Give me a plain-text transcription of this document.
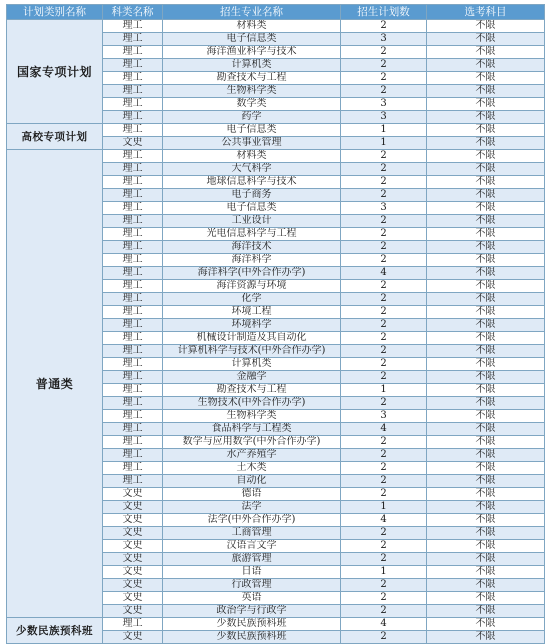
计划类别名称	科类名称	招生专业名称	招生计划数	选考科目
国家专项计划	理工	材料类	2	不限
	理工	电子信息类	3	不限
	理工	海洋渔业科学与技术	2	不限
	理工	计算机类	2	不限
	理工	勘查技术与工程	2	不限
	理工	生物科学类	2	不限
	理工	数学类	3	不限
	理工	药学	3	不限
高校专项计划	理工	电子信息类	1	不限
	文史	公共事业管理	1	不限
普通类	理工	材料类	2	不限
	理工	大气科学	2	不限
	理工	地球信息科学与技术	2	不限
	理工	电子商务	2	不限
	理工	电子信息类	3	不限
	理工	工业设计	2	不限
	理工	光电信息科学与工程	2	不限
	理工	海洋技术	2	不限
	理工	海洋科学	2	不限
	理工	海洋科学(中外合作办学)	4	不限
	理工	海洋资源与环境	2	不限
	理工	化学	2	不限
	理工	环境工程	2	不限
	理工	环境科学	2	不限
	理工	机械设计制造及其自动化	2	不限
	理工	计算机科学与技术(中外合作办学)	2	不限
	理工	计算机类	2	不限
	理工	金融学	2	不限
	理工	勘查技术与工程	1	不限
	理工	生物技术(中外合作办学)	2	不限
	理工	生物科学类	3	不限
	理工	食品科学与工程类	4	不限
	理工	数学与应用数学(中外合作办学)	2	不限
	理工	水产养殖学	2	不限
	理工	土木类	2	不限
	理工	自动化	2	不限
	文史	德语	2	不限
	文史	法学	1	不限
	文史	法学(中外合作办学)	4	不限
	文史	工商管理	2	不限
	文史	汉语言文学	2	不限
	文史	旅游管理	2	不限
	文史	日语	1	不限
	文史	行政管理	2	不限
	文史	英语	2	不限
	文史	政治学与行政学	2	不限
少数民族预科班	理工	少数民族预科班	4	不限
	文史	少数民族预科班	2	不限
